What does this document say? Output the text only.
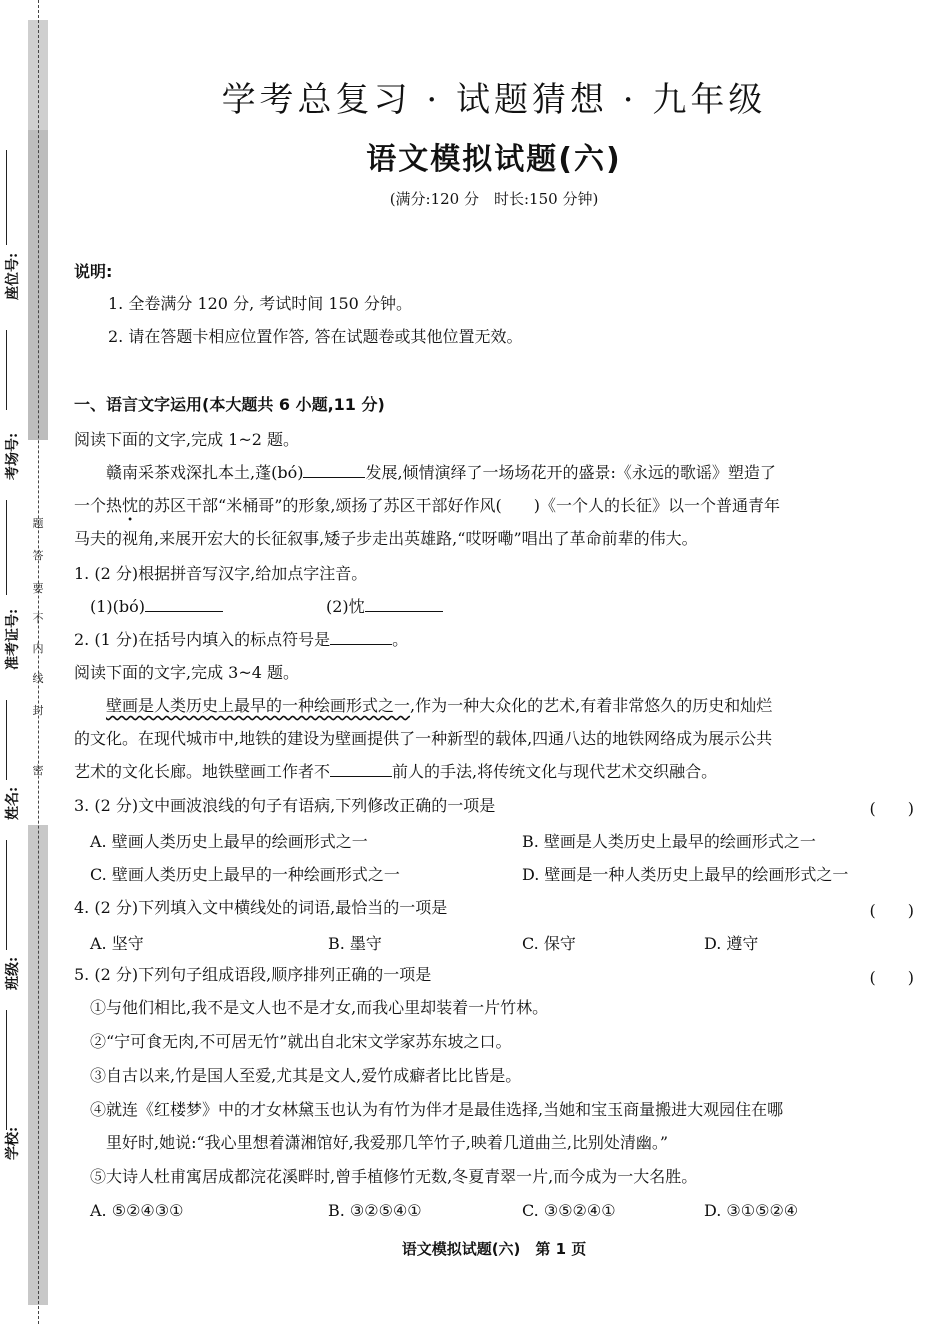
座位号:
考场号:
准考证号:
姓名:
班级:
学校:
密
封
线
内
不
要
答
题
学考总复习 · 试题猜想 · 九年级
语文模拟试题(六)
(满分:120 分　时长:150 分钟)
说明:
1. 全卷满分 120 分, 考试时间 150 分钟。
2. 请在答题卡相应位置作答, 答在试题卷或其他位置无效。
一、语言文字运用(本大题共 6 小题,11 分)
阅读下面的文字,完成 1~2 题。
赣南采茶戏深扎本土,蓬(bó)	发展,倾情演绎了一场场花开的盛景:《永远的歌谣》塑造了
一个热忱的苏区干部“米桶哥”的形象,颂扬了苏区干部好作风(　　)《一个人的长征》以一个普通青年
马夫的视角,来展开宏大的长征叙事,矮子步走出英雄路,“哎呀嘞”唱出了革命前辈的伟大。
1. (2 分)根据拼音写汉字,给加点字注音。
(1)(bó)	(2)忱
2. (1 分)在括号内填入的标点符号是	。
阅读下面的文字,完成 3~4 题。
壁画是人类历史上最早的一种绘画形式之一,作为一种大众化的艺术,有着非常悠久的历史和灿烂
的文化。在现代城市中,地铁的建设为壁画提供了一种新型的载体,四通八达的地铁网络成为展示公共
艺术的文化长廊。地铁壁画工作者不	前人的手法,将传统文化与现代艺术交织融合。
3. (2 分)文中画波浪线的句子有语病,下列修改正确的一项是	(　　)
A. 壁画人类历史上最早的绘画形式之一	B. 壁画是人类历史上最早的绘画形式之一
C. 壁画人类历史上最早的一种绘画形式之一	D. 壁画是一种人类历史上最早的绘画形式之一
4. (2 分)下列填入文中横线处的词语,最恰当的一项是	(　　)
A. 坚守	B. 墨守	C. 保守	D. 遵守
5. (2 分)下列句子组成语段,顺序排列正确的一项是	(　　)
①与他们相比,我不是文人也不是才女,而我心里却装着一片竹林。
②“宁可食无肉,不可居无竹”就出自北宋文学家苏东坡之口。
③自古以来,竹是国人至爱,尤其是文人,爱竹成癖者比比皆是。
④就连《红楼梦》中的才女林黛玉也认为有竹为伴才是最佳选择,当她和宝玉商量搬进大观园住在哪
里好时,她说:“我心里想着潇湘馆好,我爱那几竿竹子,映着几道曲兰,比别处清幽。”
⑤大诗人杜甫寓居成都浣花溪畔时,曾手植修竹无数,冬夏青翠一片,而今成为一大名胜。
A. ⑤②④③①	B. ③②⑤④①	C. ③⑤②④①	D. ③①⑤②④
语文模拟试题(六)　第 1 页
